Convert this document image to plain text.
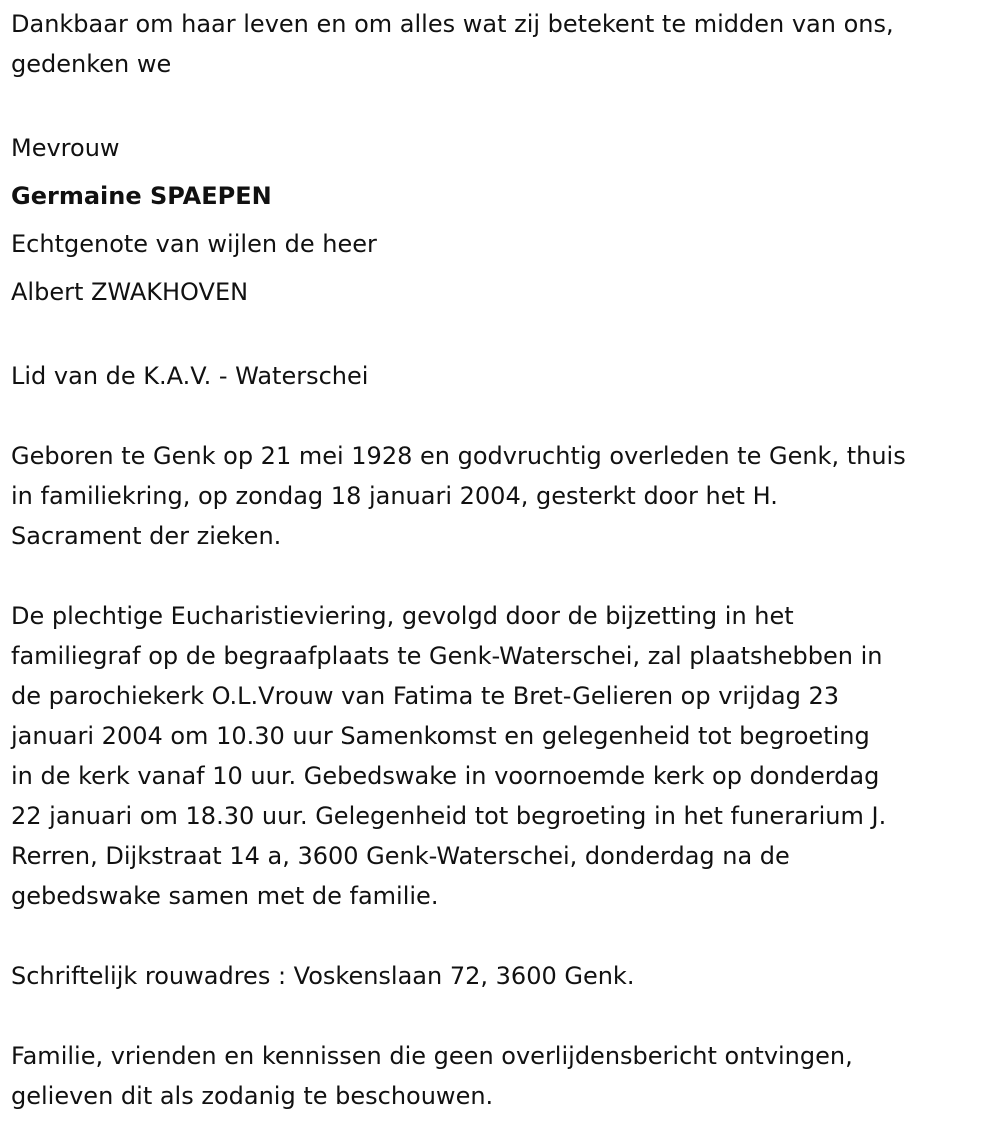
Dankbaar om haar leven en om alles wat zij betekent te midden van ons,
gedenken we

Mevrouw

Germaine SPAEPEN

Echtgenote van wijlen de heer

Albert ZWAKHOVEN

Lid van de K.A.V. - Waterschei

Geboren te Genk op 21 mei 1928 en godvruchtig overleden te Genk, thuis
in familiekring, op zondag 18 januari 2004, gesterkt door het H.
Sacrament der zieken.

De plechtige Eucharistieviering, gevolgd door de bijzetting in het
familiegraf op de begraafplaats te Genk-Waterschei, zal plaatshebben in
de parochiekerk O.L.Vrouw van Fatima te Bret-Gelieren op vrijdag 23
januari 2004 om 10.30 uur Samenkomst en gelegenheid tot begroeting
in de kerk vanaf 10 uur. Gebedswake in voornoemde kerk op donderdag
22 januari om 18.30 uur. Gelegenheid tot begroeting in het funerarium J.
Rerren, Dijkstraat 14 a, 3600 Genk-Waterschei, donderdag na de
gebedswake samen met de familie.

Schriftelijk rouwadres : Voskenslaan 72, 3600 Genk.

Familie, vrienden en kennissen die geen overlijdensbericht ontvingen,
gelieven dit als zodanig te beschouwen.
